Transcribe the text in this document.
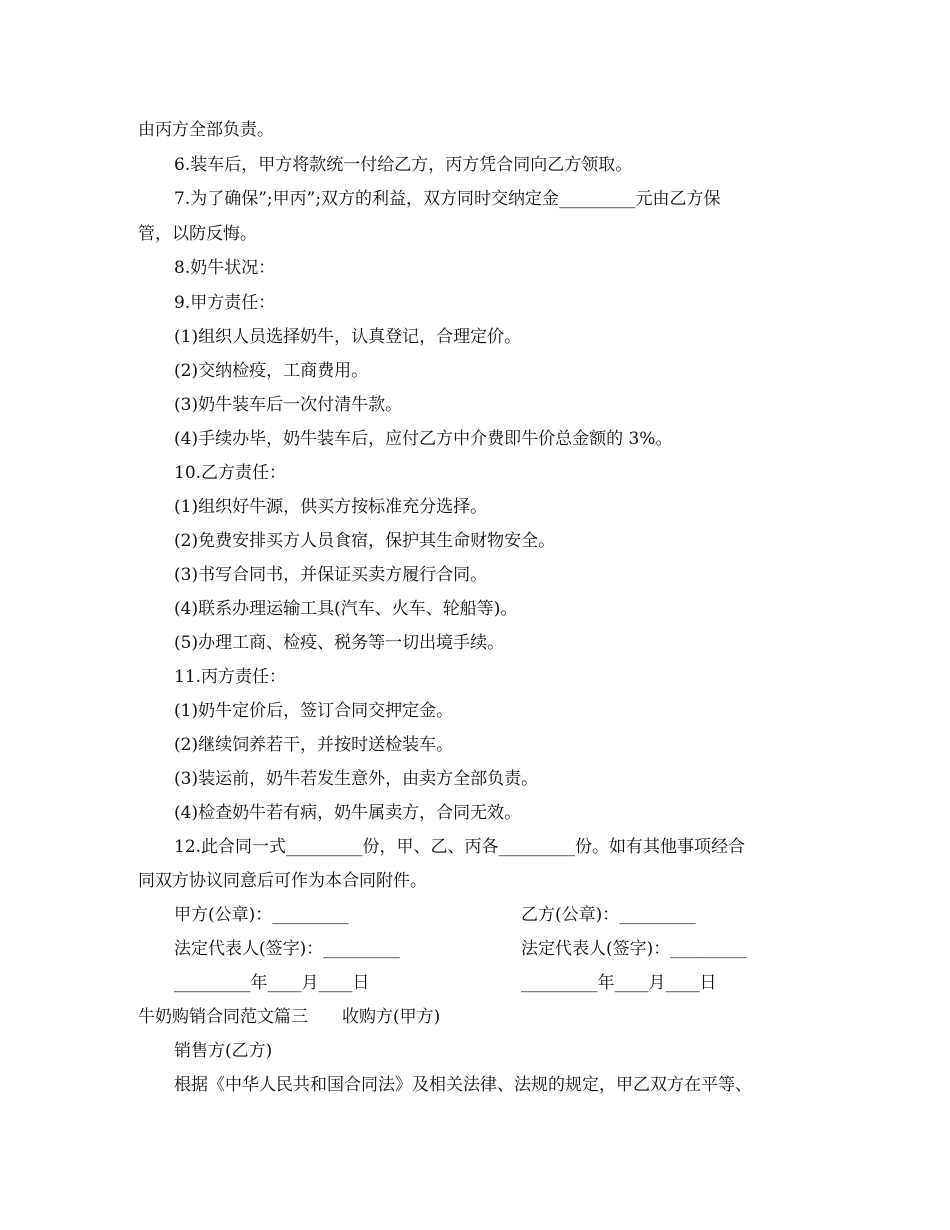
由丙方全部负责。
6.装车后，甲方将款统一付给乙方，丙方凭合同向乙方领取。
7.为了确保”;甲丙”;双方的利益，双方同时交纳定金_________元由乙方保
管，以防反悔。
8.奶牛状况：
9.甲方责任：
(1)组织人员选择奶牛，认真登记，合理定价。
(2)交纳检疫，工商费用。
(3)奶牛装车后一次付清牛款。
(4)手续办毕，奶牛装车后，应付乙方中介费即牛价总金额的 3%。
10.乙方责任：
(1)组织好牛源，供买方按标准充分选择。
(2)免费安排买方人员食宿，保护其生命财物安全。
(3)书写合同书，并保证买卖方履行合同。
(4)联系办理运输工具(汽车、火车、轮船等)。
(5)办理工商、检疫、税务等一切出境手续。
11.丙方责任：
(1)奶牛定价后，签订合同交押定金。
(2)继续饲养若干，并按时送检装车。
(3)装运前，奶牛若发生意外，由卖方全部负责。
(4)检查奶牛若有病，奶牛属卖方，合同无效。
12.此合同一式_________份，甲、乙、丙各_________份。如有其他事项经合
同双方协议同意后可作为本合同附件。
甲方(公章)：_________	乙方(公章)：_________
法定代表人(签字)：_________	法定代表人(签字)：_________
_________年____月____日	_________年____月____日
牛奶购销合同范文篇三　　收购方(甲方)
销售方(乙方)
根据《中华人民共和国合同法》及相关法律、法规的规定，甲乙双方在平等、
